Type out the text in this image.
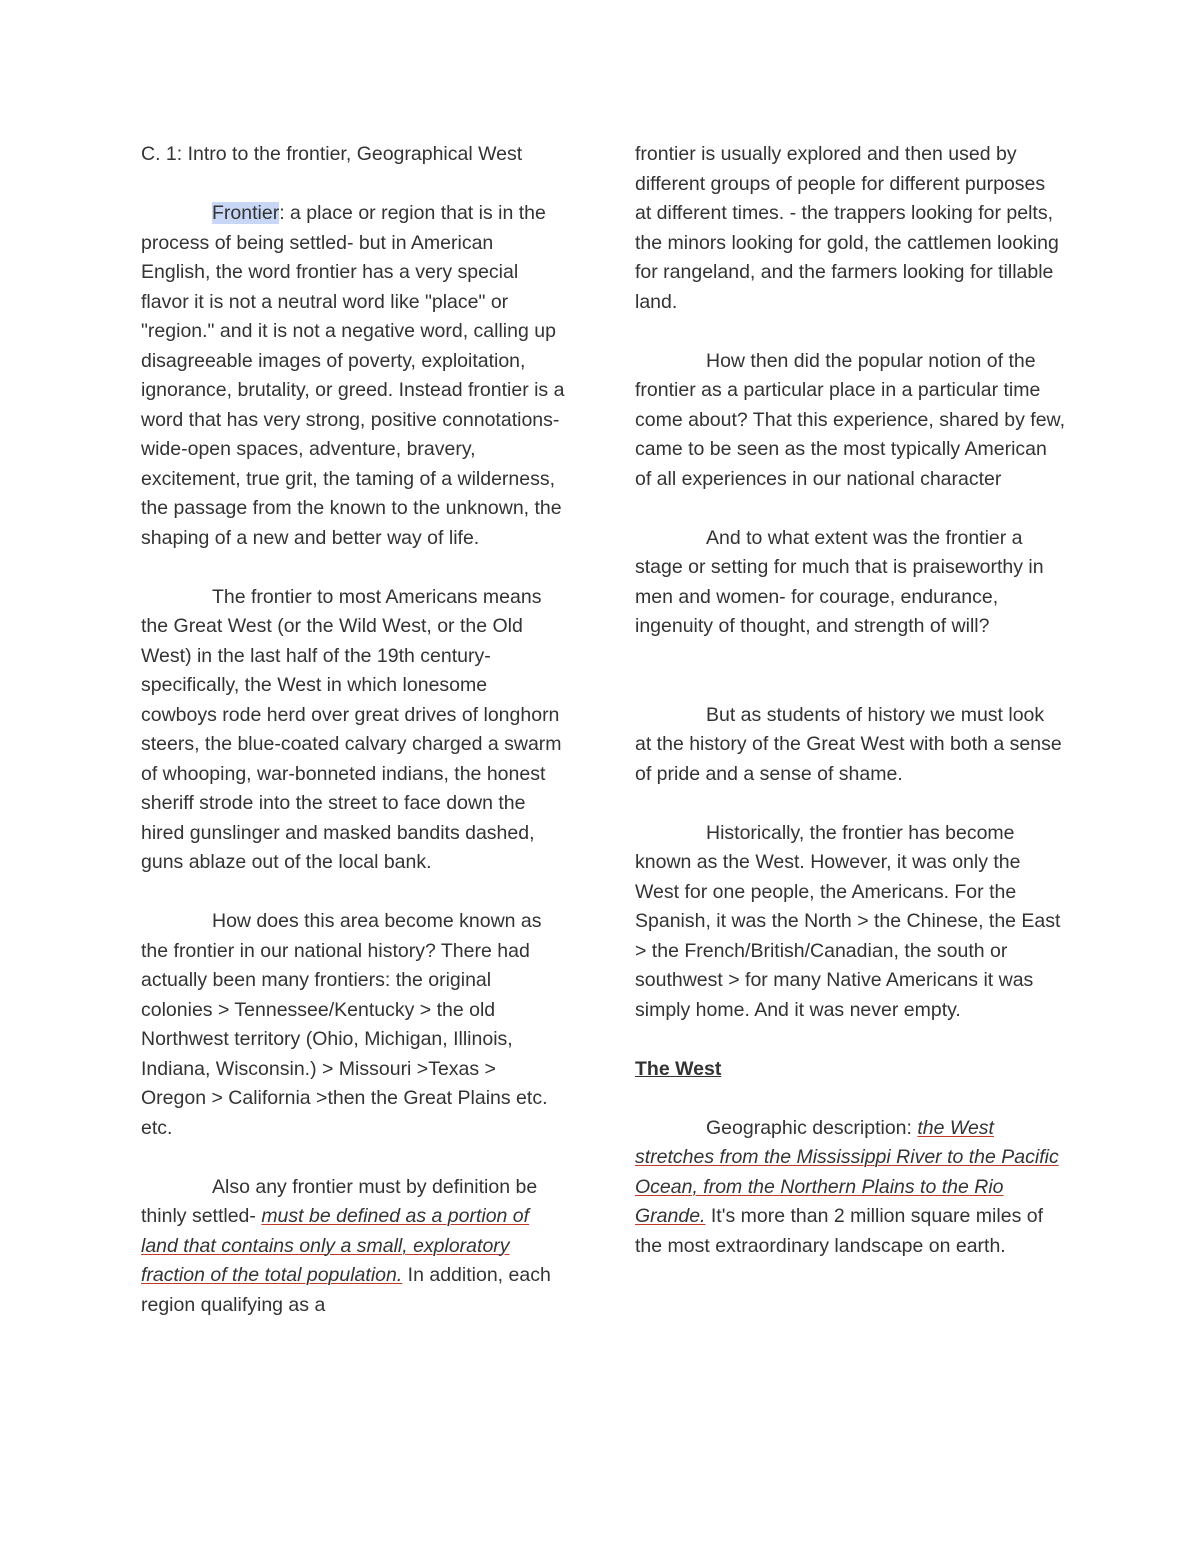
C. 1: Intro to the frontier, Geographical West

Frontier: a place or region that is in the process of being settled- but in American English, the word frontier has a very special flavor it is not a neutral word like "place" or "region." and it is not a negative word, calling up disagreeable images of poverty, exploitation, ignorance, brutality, or greed. Instead frontier is a word that has very strong, positive connotations- wide-open spaces, adventure, bravery, excitement, true grit, the taming of a wilderness, the passage from the known to the unknown, the shaping of a new and better way of life.

The frontier to most Americans means the Great West (or the Wild West, or the Old West) in the last half of the 19th century- specifically, the West in which lonesome cowboys rode herd over great drives of longhorn steers, the blue-coated calvary charged a swarm of whooping, war-bonneted indians, the honest sheriff strode into the street to face down the hired gunslinger and masked bandits dashed, guns ablaze out of the local bank.

How does this area become known as the frontier in our national history? There had actually been many frontiers: the original colonies > Tennessee/Kentucky > the old Northwest territory (Ohio, Michigan, Illinois, Indiana, Wisconsin.) > Missouri >Texas > Oregon > California >then the Great Plains etc. etc.

Also any frontier must by definition be thinly settled- must be defined as a portion of land that contains only a small, exploratory fraction of the total population. In addition, each region qualifying as a

frontier is usually explored and then used by different groups of people for different purposes at different times. - the trappers looking for pelts, the minors looking for gold, the cattlemen looking for rangeland, and the farmers looking for tillable land.

How then did the popular notion of the frontier as a particular place in a particular time come about? That this experience, shared by few, came to be seen as the most typically American of all experiences in our national character

And to what extent was the frontier a stage or setting for much that is praiseworthy in men and women- for courage, endurance, ingenuity of thought, and strength of will?

But as students of history we must look at the history of the Great West with both a sense of pride and a sense of shame.

Historically, the frontier has become known as the West. However, it was only the West for one people, the Americans. For the Spanish, it was the North > the Chinese, the East > the French/British/Canadian, the south or southwest > for many Native Americans it was simply home. And it was never empty.

The West

Geographic description: the West stretches from the Mississippi River to the Pacific Ocean, from the Northern Plains to the Rio Grande. It's more than 2 million square miles of the most extraordinary landscape on earth.
